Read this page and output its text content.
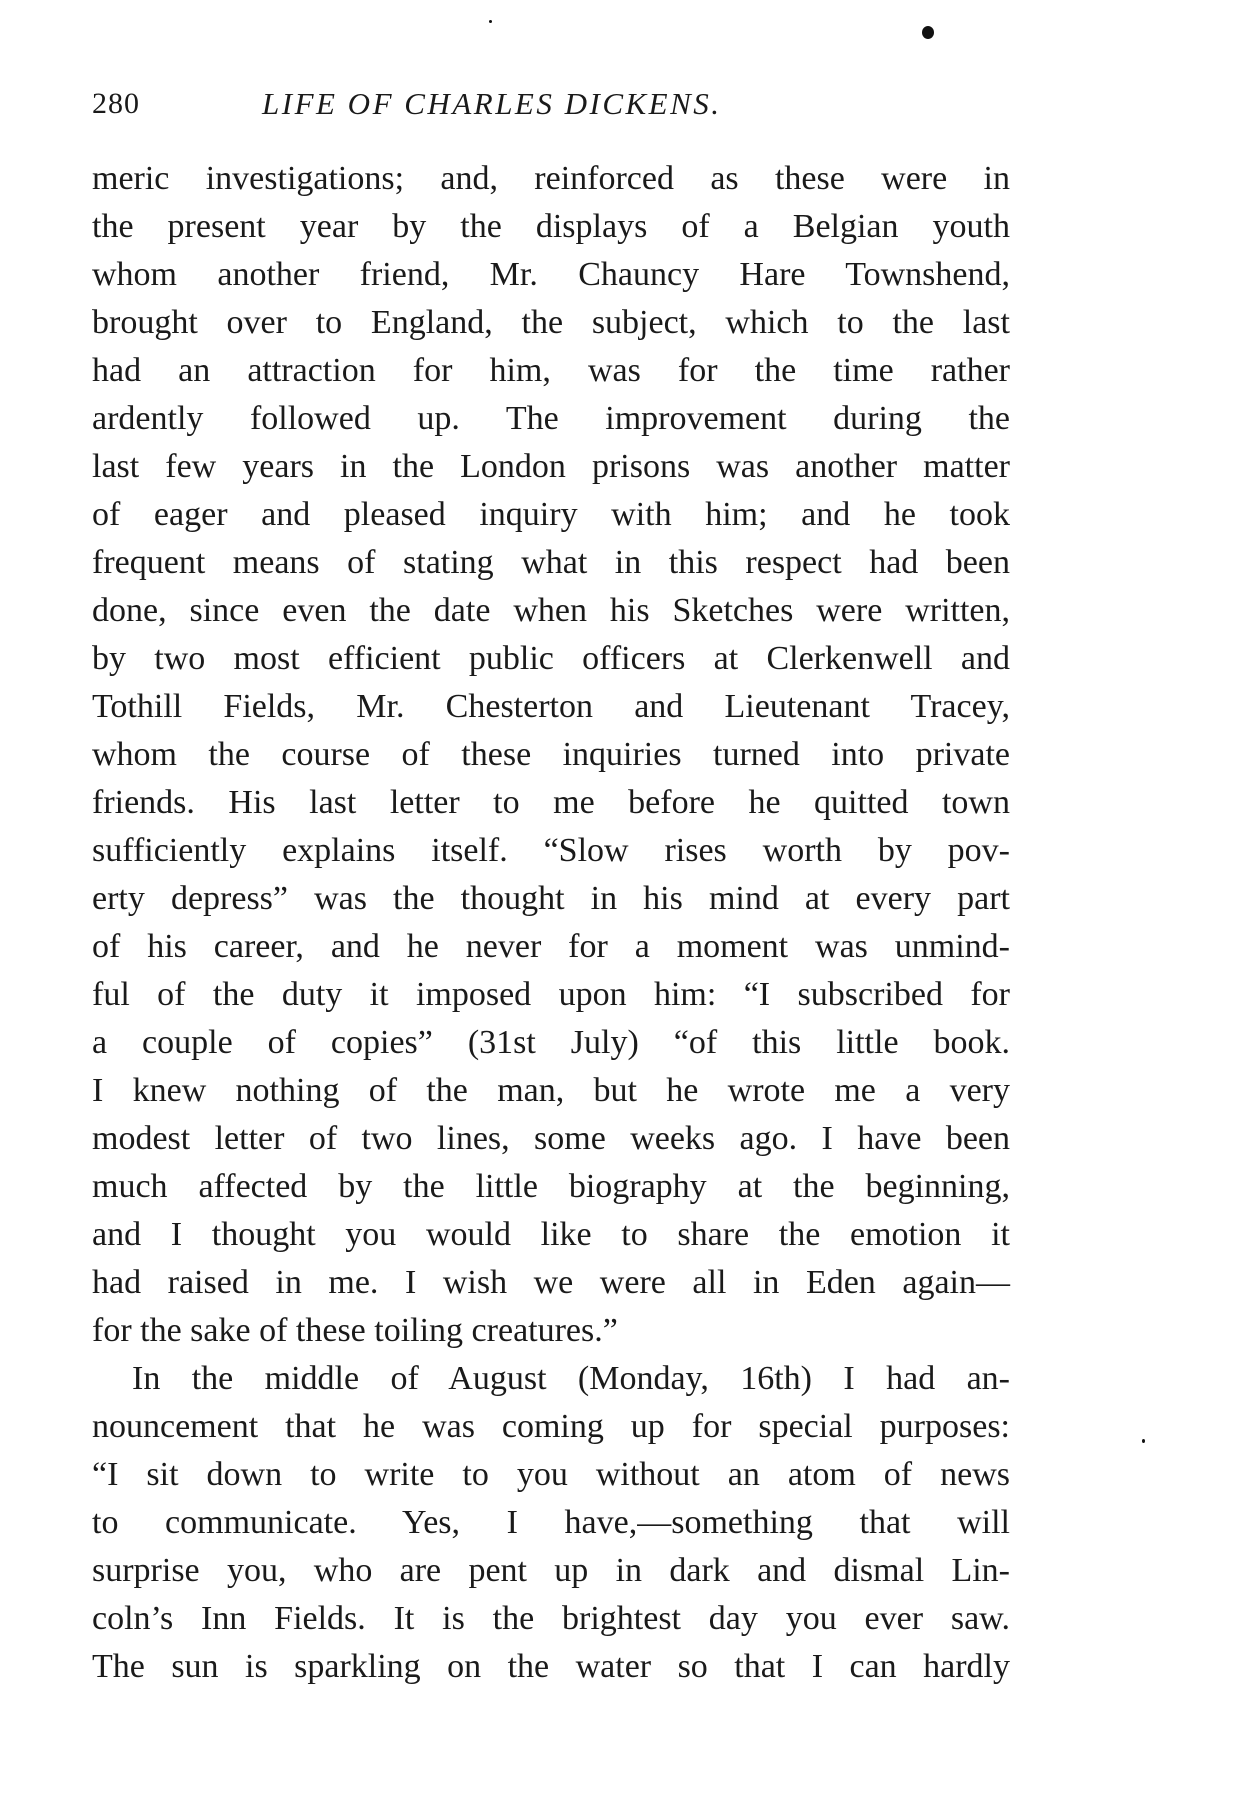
280	LIFE OF CHARLES DICKENS.
meric investigations; and, reinforced as these were in
the present year by the displays of a Belgian youth
whom another friend, Mr. Chauncy Hare Townshend,
brought over to England, the subject, which to the last
had an attraction for him, was for the time rather
ardently followed up. The improvement during the
last few years in the London prisons was another matter
of eager and pleased inquiry with him; and he took
frequent means of stating what in this respect had been
done, since even the date when his Sketches were written,
by two most efficient public officers at Clerkenwell and
Tothill Fields, Mr. Chesterton and Lieutenant Tracey,
whom the course of these inquiries turned into private
friends. His last letter to me before he quitted town
sufficiently explains itself. “Slow rises worth by pov-
erty depress” was the thought in his mind at every part
of his career, and he never for a moment was unmind-
ful of the duty it imposed upon him: “I subscribed for
a couple of copies” (31st July) “of this little book.
I knew nothing of the man, but he wrote me a very
modest letter of two lines, some weeks ago. I have been
much affected by the little biography at the beginning,
and I thought you would like to share the emotion it
had raised in me. I wish we were all in Eden again—
for the sake of these toiling creatures.”
In the middle of August (Monday, 16th) I had an-
nouncement that he was coming up for special purposes:
“I sit down to write to you without an atom of news
to communicate. Yes, I have,—something that will
surprise you, who are pent up in dark and dismal Lin-
coln’s Inn Fields. It is the brightest day you ever saw.
The sun is sparkling on the water so that I can hardly
